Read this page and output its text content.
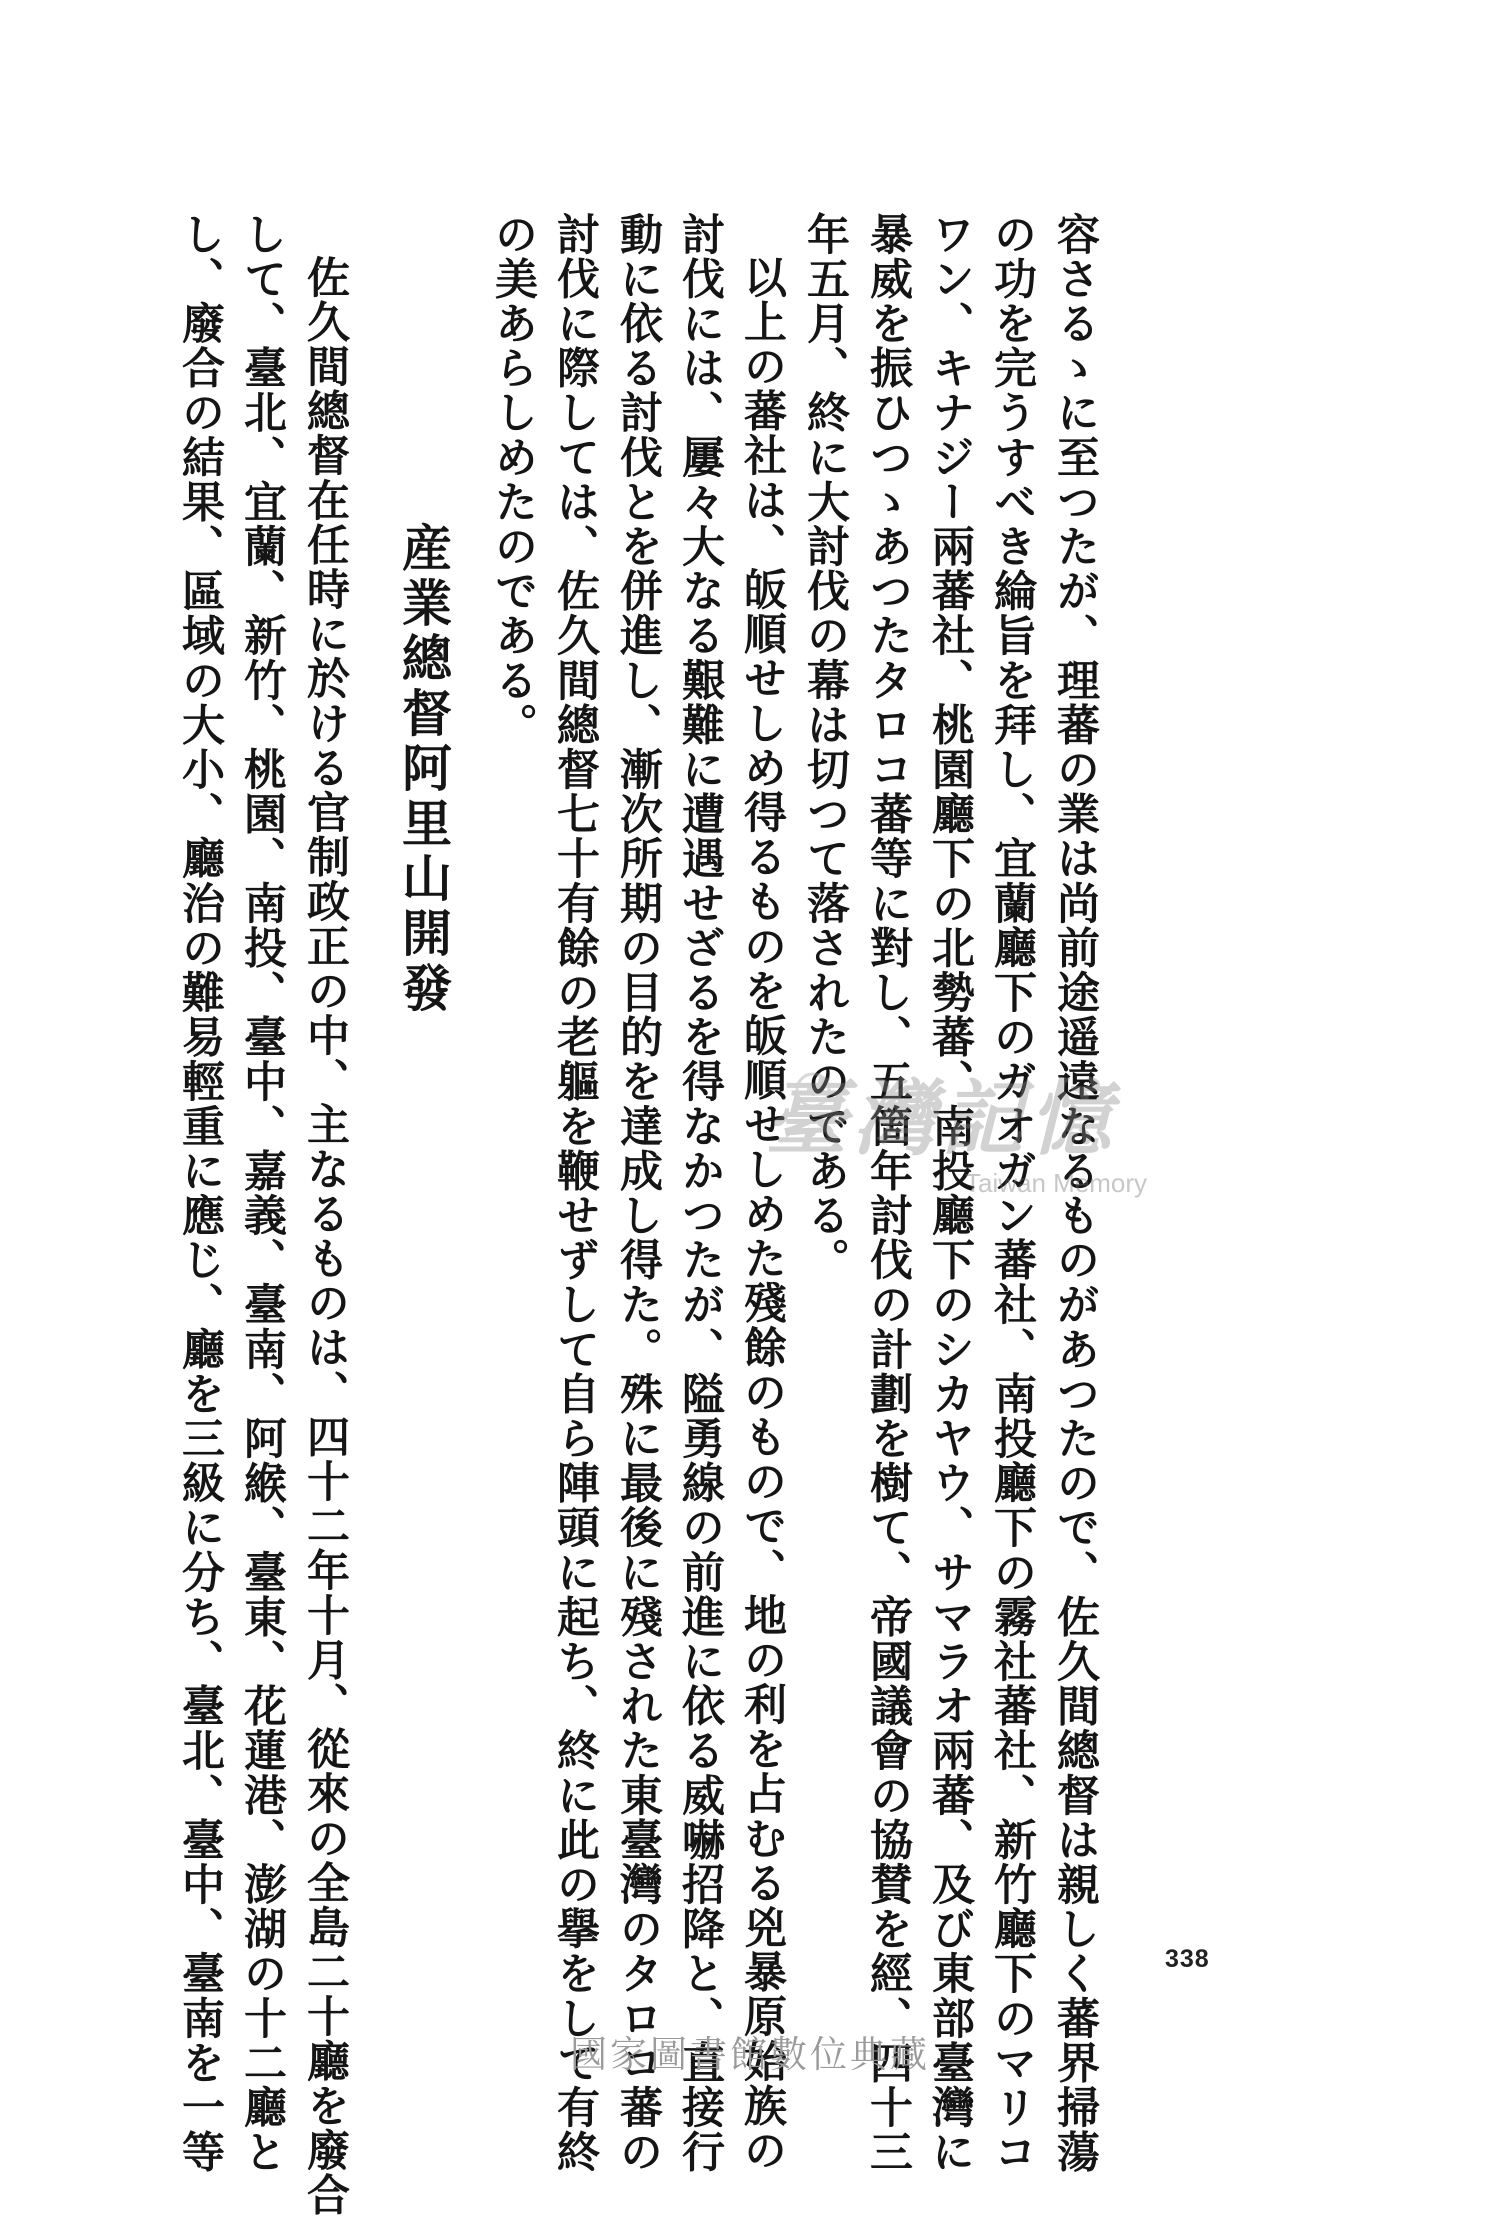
容さるゝに至つたが、理蕃の業は尚前途遥遠なるものがあつたので、佐久間總督は親しく蕃界掃蕩
の功を完うすべき綸旨を拜し、宜蘭廳下のガオガン蕃社、南投廳下の霧社蕃社、新竹廳下のマリコ
ワン、キナジー兩蕃社、桃園廳下の北勢蕃、南投廳下のシカヤウ、サマラオ兩蕃、及び東部臺灣に
暴威を振ひつゝあつたタロコ蕃等に對し、五箇年討伐の計劃を樹て、帝國議會の協賛を經、四十三
年五月、終に大討伐の幕は切つて落されたのである。
以上の蕃社は、皈順せしめ得るものを皈順せしめた殘餘のもので、地の利を占むる兇暴原始族の
討伐には、屢々大なる艱難に遭遇せざるを得なかつたが、隘勇線の前進に依る威嚇招降と、直接行
動に依る討伐とを併進し、漸次所期の目的を達成し得た。殊に最後に殘された東臺灣のタロコ蕃の
討伐に際しては、佐久間總督七十有餘の老軀を鞭せずして自ら陣頭に起ち、終に此の擧をして有終
の美あらしめたのである。
産業總督阿里山開發
佐久間總督在任時に於ける官制政正の中、主なるものは、四十二年十月、從來の全島二十廳を廢合
して、臺北、宜蘭、新竹、桃園、南投、臺中、嘉義、臺南、阿緱、臺東、花蓮港、澎湖の十二廳と
し、廢合の結果、區域の大小、廳治の難易輕重に應じ、廳を三級に分ち、臺北、臺中、臺南を一等	338
臺灣記憶
Taiwan Memory
國家圖書館數位典藏
